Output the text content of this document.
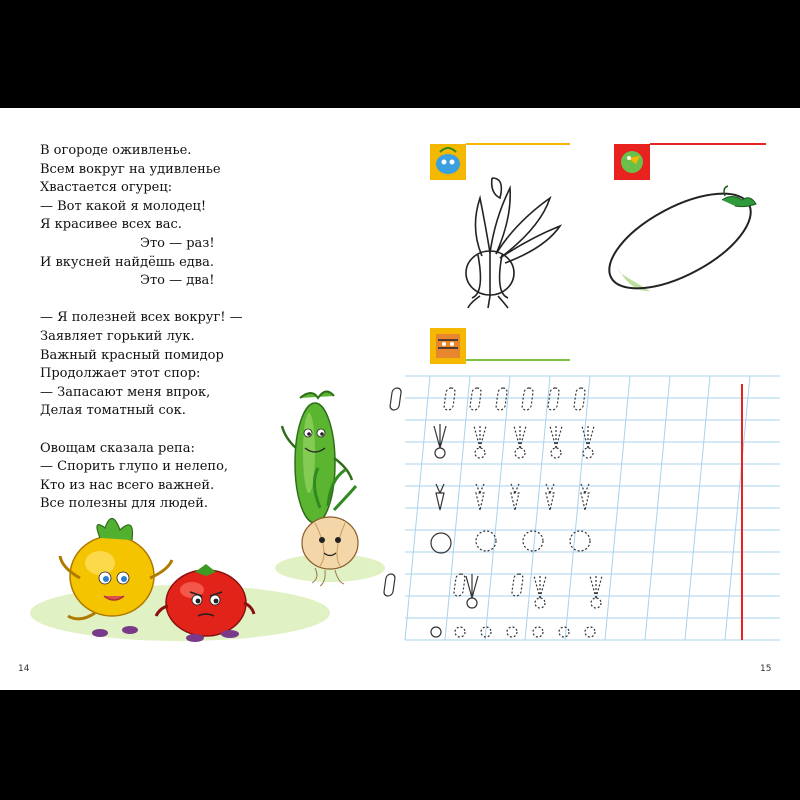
В огороде оживленье.
Всем вокруг на удивленье
Хвастается огурец:
— Вот какой я молодец!
Я красивее всех вас.
Это — раз!
И вкусней найдёшь едва.
Это — два!
— Я полезней всех вокруг! —
Заявляет горький лук.
Важный красный помидор
Продолжает этот спор:
— Запасают меня впрок,
Делая томатный сок.
Овощам сказала репа:
— Спорить глупо и нелепо,
Кто из нас всего важней.
Все полезны для людей.
14	15
